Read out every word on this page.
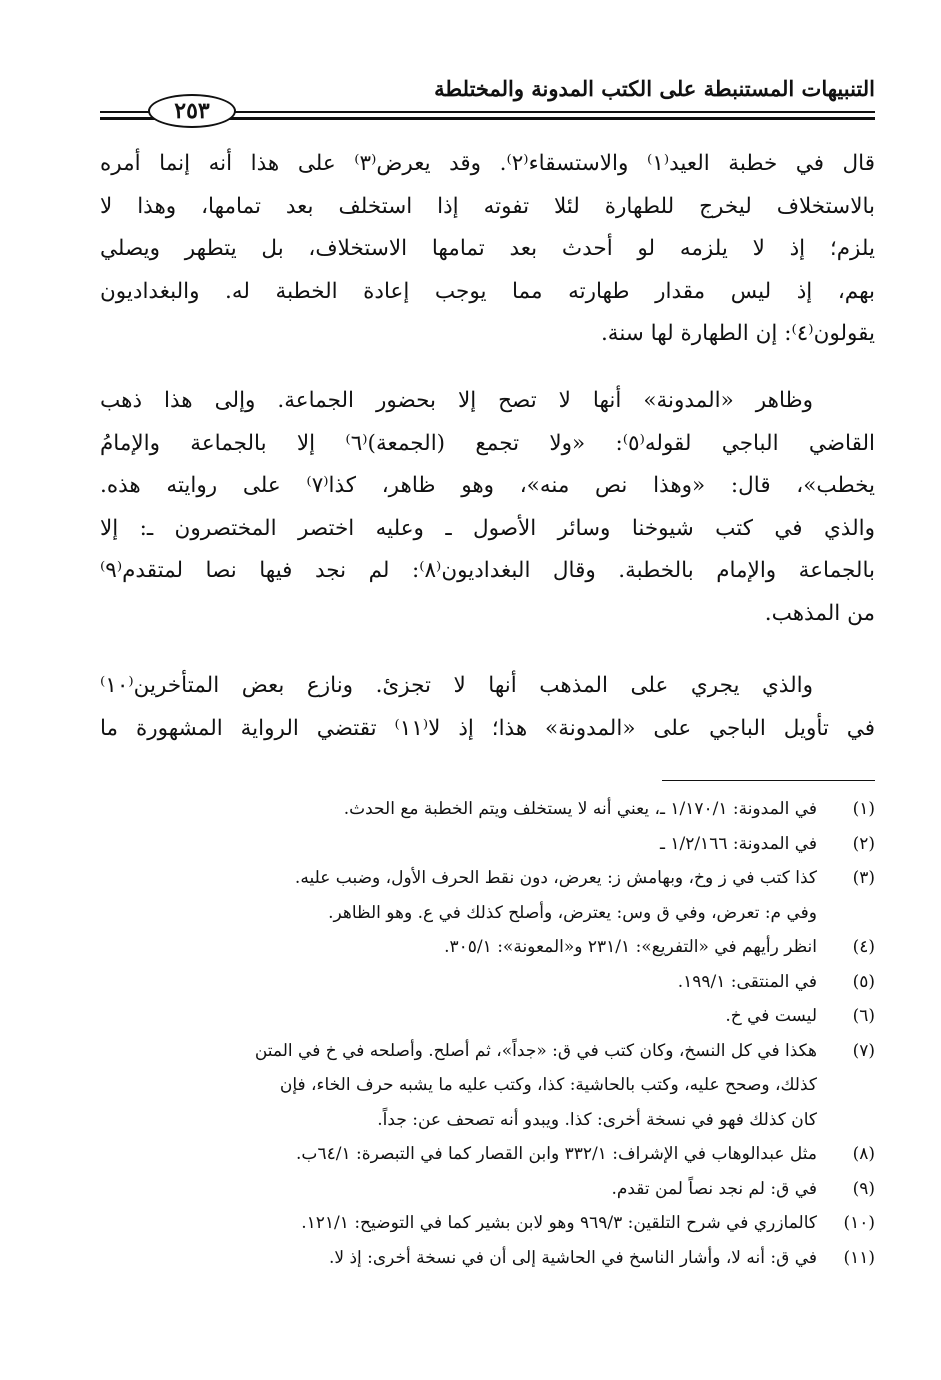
التنبيهات المستنبطة على الكتب المدونة والمختلطة
٢٥٣
قال في خطبة العيد⁽١⁾ والاستسقاء⁽٢⁾. وقد يعرض⁽٣⁾ على هذا أنه إنما أمره
بالاستخلاف ليخرج للطهارة لئلا تفوته إذا استخلف بعد تمامها، وهذا لا
يلزم؛ إذ لا يلزمه لو أحدث بعد تمامها الاستخلاف، بل يتطهر ويصلي
بهم، إذ ليس مقدار طهارته مما يوجب إعادة الخطبة له. والبغداديون
يقولون⁽٤⁾: إن الطهارة لها سنة.
وظاهر «المدونة» أنها لا تصح إلا بحضور الجماعة. وإلى هذا ذهب
القاضي الباجي لقوله⁽٥⁾: «ولا تجمع (الجمعة)⁽٦⁾ إلا بالجماعة والإمامُ
يخطب»، قال: «وهذا نص منه»، وهو ظاهر، كذا⁽٧⁾ على روايته هذه.
والذي في كتب شيوخنا وسائر الأصول ـ وعليه اختصر المختصرون ـ: إلا
بالجماعة والإمام بالخطبة. وقال البغداديون⁽٨⁾: لم نجد فيها نصا لمتقدم⁽٩⁾
من المذهب.
والذي يجري على المذهب أنها لا تجزئ. ونازع بعض المتأخرين⁽١٠⁾
في تأويل الباجي على «المدونة» هذا؛ إذ لا⁽١١⁾ تقتضي الرواية المشهورة ما
(١)
في المدونة: ١/١٧٠/١ ـ، يعني أنه لا يستخلف ويتم الخطبة مع الحدث.
(٢)
في المدونة: ١/٢/١٦٦ ـ
(٣)
كذا كتب في ز وخ، وبهامش ز: يعرض، دون نقط الحرف الأول، وضبب عليه.
وفي م: تعرض، وفي ق وس: يعترض، وأصلح كذلك في ع. وهو الظاهر.
(٤)
انظر رأيهم في «التفريع»: ٢٣١/١ و«المعونة»: ٣٠٥/١.
(٥)
في المنتقى: ١٩٩/١.
(٦)
ليست في خ.
(٧)
هكذا في كل النسخ، وكان كتب في ق: «جداً»، ثم أصلح. وأصلحه في خ في المتن
كذلك، وصحح عليه، وكتب بالحاشية: كذا، وكتب عليه ما يشبه حرف الخاء، فإن
كان كذلك فهو في نسخة أخرى: كذا. ويبدو أنه تصحف عن: جداً.
(٨)
مثل عبدالوهاب في الإشراف: ٣٣٢/١ وابن القصار كما في التبصرة: ٦٤/١ب.
(٩)
في ق: لم نجد نصاً لمن تقدم.
(١٠)
كالمازري في شرح التلقين: ٩٦٩/٣ وهو لابن بشير كما في التوضيح: ١٢١/١.
(١١)
في ق: أنه لا، وأشار الناسخ في الحاشية إلى أن في نسخة أخرى: إذ لا.
